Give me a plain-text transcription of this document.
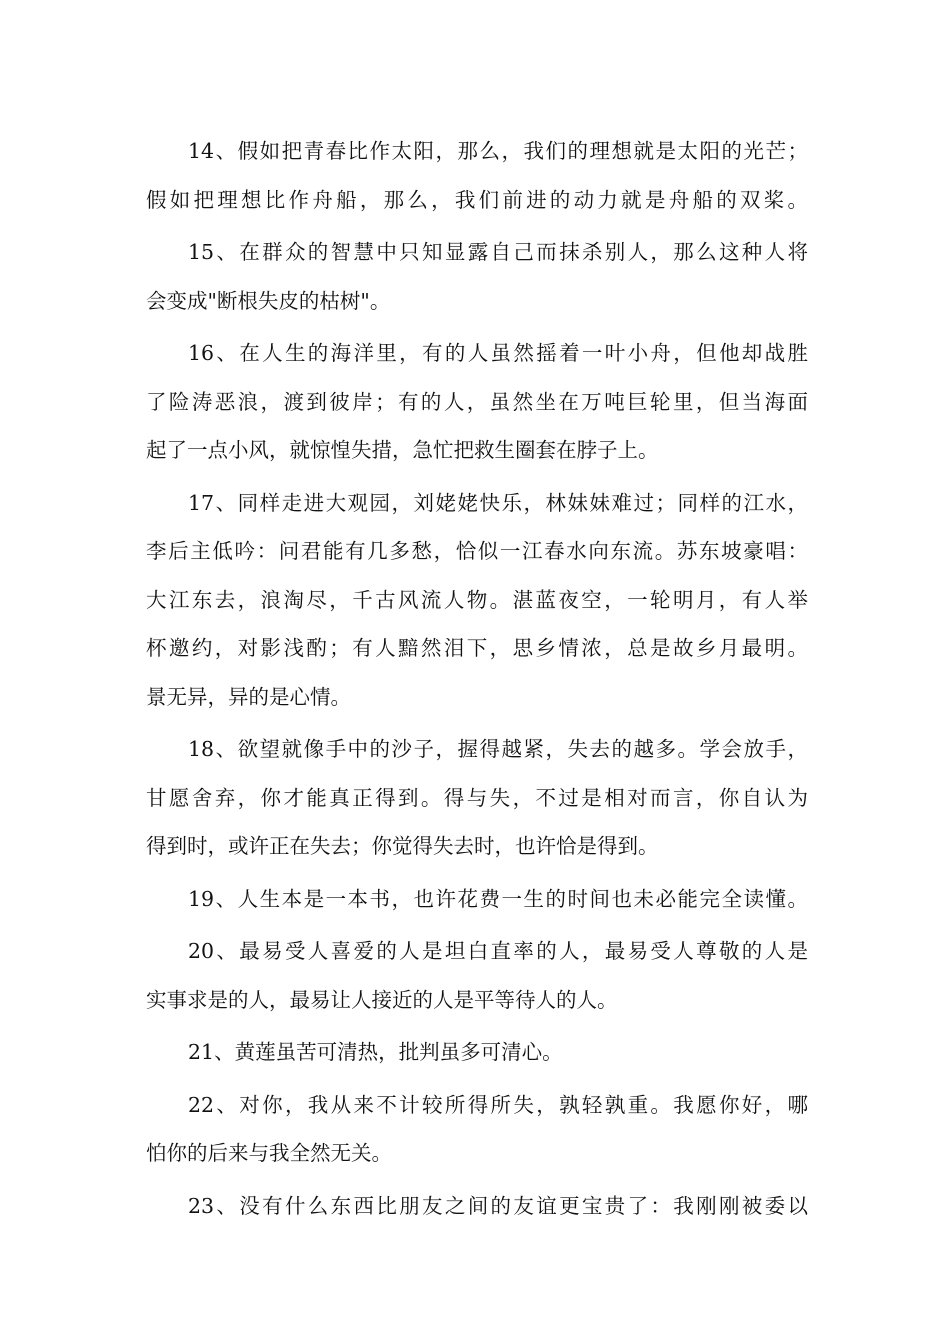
14、假如把青春比作太阳，那么，我们的理想就是太阳的光芒；
假如把理想比作舟船，那么，我们前进的动力就是舟船的双桨。
15、在群众的智慧中只知显露自己而抹杀别人，那么这种人将
会变成"断根失皮的枯树"。
16、在人生的海洋里，有的人虽然摇着一叶小舟，但他却战胜
了险涛恶浪，渡到彼岸；有的人，虽然坐在万吨巨轮里，但当海面
起了一点小风，就惊惶失措，急忙把救生圈套在脖子上。
17、同样走进大观园，刘姥姥快乐，林妹妹难过；同样的江水，
李后主低吟：问君能有几多愁，恰似一江春水向东流。苏东坡豪唱：
大江东去，浪淘尽，千古风流人物。湛蓝夜空，一轮明月，有人举
杯邀约，对影浅酌；有人黯然泪下，思乡情浓，总是故乡月最明。
景无异，异的是心情。
18、欲望就像手中的沙子，握得越紧，失去的越多。学会放手，
甘愿舍弃，你才能真正得到。得与失，不过是相对而言，你自认为
得到时，或许正在失去；你觉得失去时，也许恰是得到。
19、人生本是一本书，也许花费一生的时间也未必能完全读懂。
20、最易受人喜爱的人是坦白直率的人，最易受人尊敬的人是
实事求是的人，最易让人接近的人是平等待人的人。
21、黄莲虽苦可清热，批判虽多可清心。
22、对你，我从来不计较所得所失，孰轻孰重。我愿你好，哪
怕你的后来与我全然无关。
23、没有什么东西比朋友之间的友谊更宝贵了：我刚刚被委以
